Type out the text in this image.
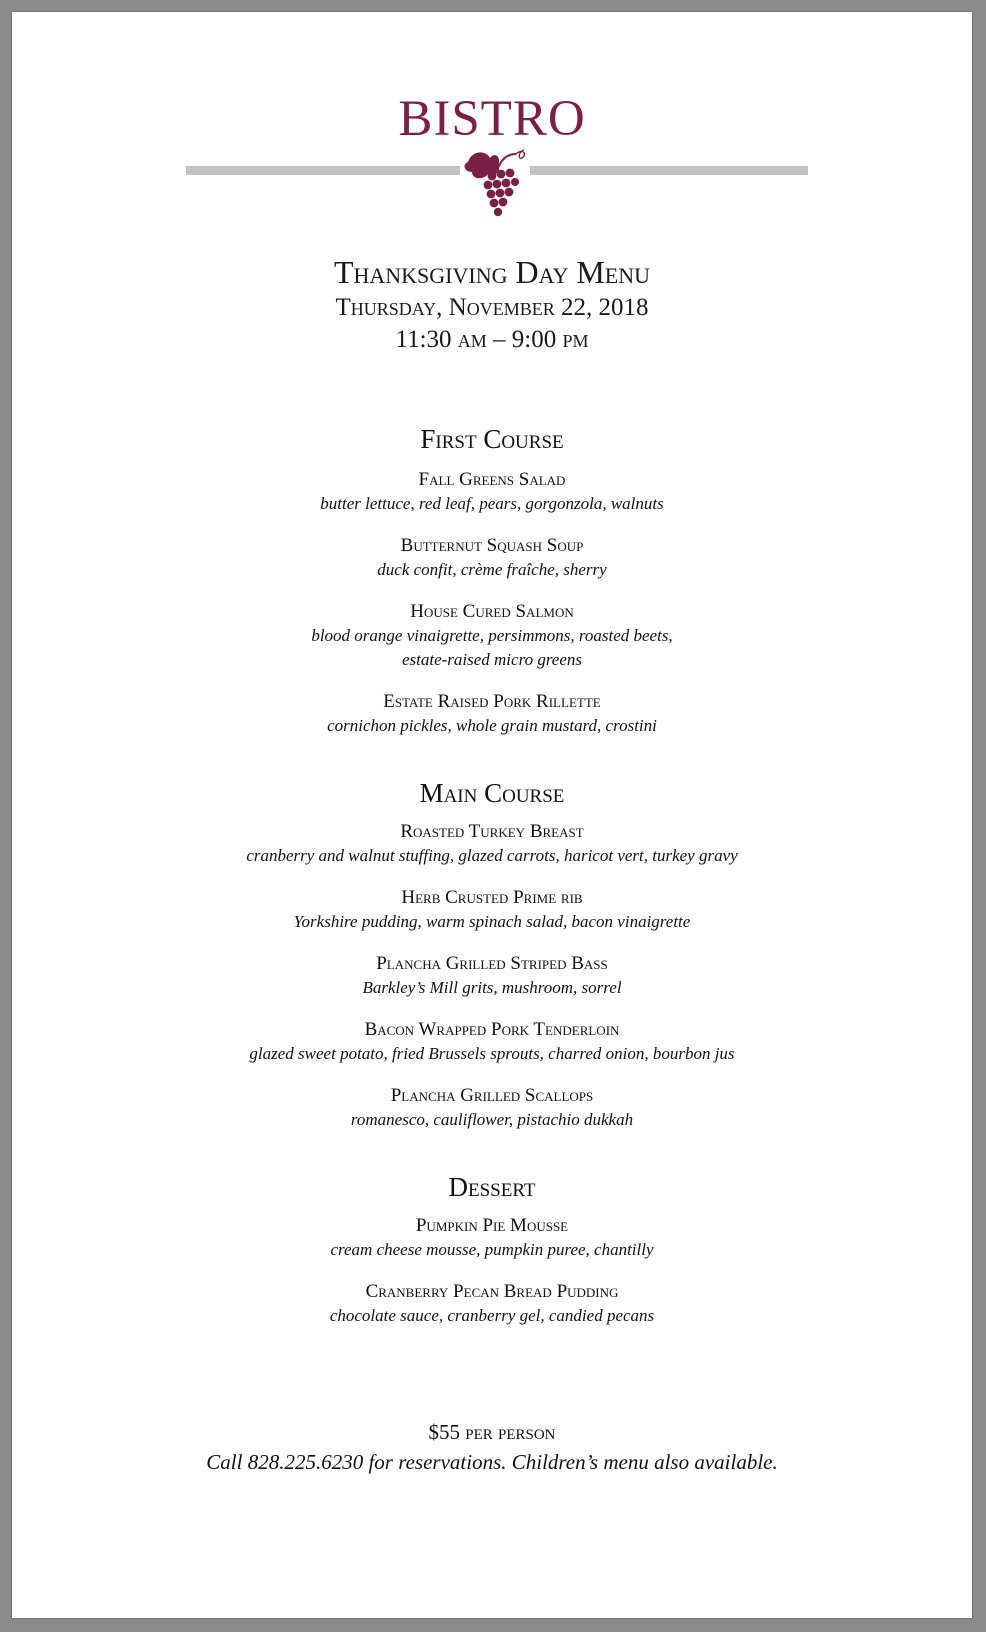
BISTRO
Thanksgiving Day Menu
Thursday, November 22, 2018
11:30 am – 9:00 pm
First Course
Fall Greens Salad
butter lettuce, red leaf, pears, gorgonzola, walnuts
Butternut Squash Soup
duck confit, crème fraîche, sherry
House Cured Salmon
blood orange vinaigrette, persimmons, roasted beets,
estate-raised micro greens
Estate Raised Pork Rillette
cornichon pickles, whole grain mustard, crostini
Main Course
Roasted Turkey Breast
cranberry and walnut stuffing, glazed carrots, haricot vert, turkey gravy
Herb Crusted Prime rib
Yorkshire pudding, warm spinach salad, bacon vinaigrette
Plancha Grilled Striped Bass
Barkley’s Mill grits, mushroom, sorrel
Bacon Wrapped Pork Tenderloin
glazed sweet potato, fried Brussels sprouts, charred onion, bourbon jus
Plancha Grilled Scallops
romanesco, cauliflower, pistachio dukkah
Dessert
Pumpkin Pie Mousse
cream cheese mousse, pumpkin puree, chantilly
Cranberry Pecan Bread Pudding
chocolate sauce, cranberry gel, candied pecans
$55 per person
Call 828.225.6230 for reservations. Children’s menu also available.
